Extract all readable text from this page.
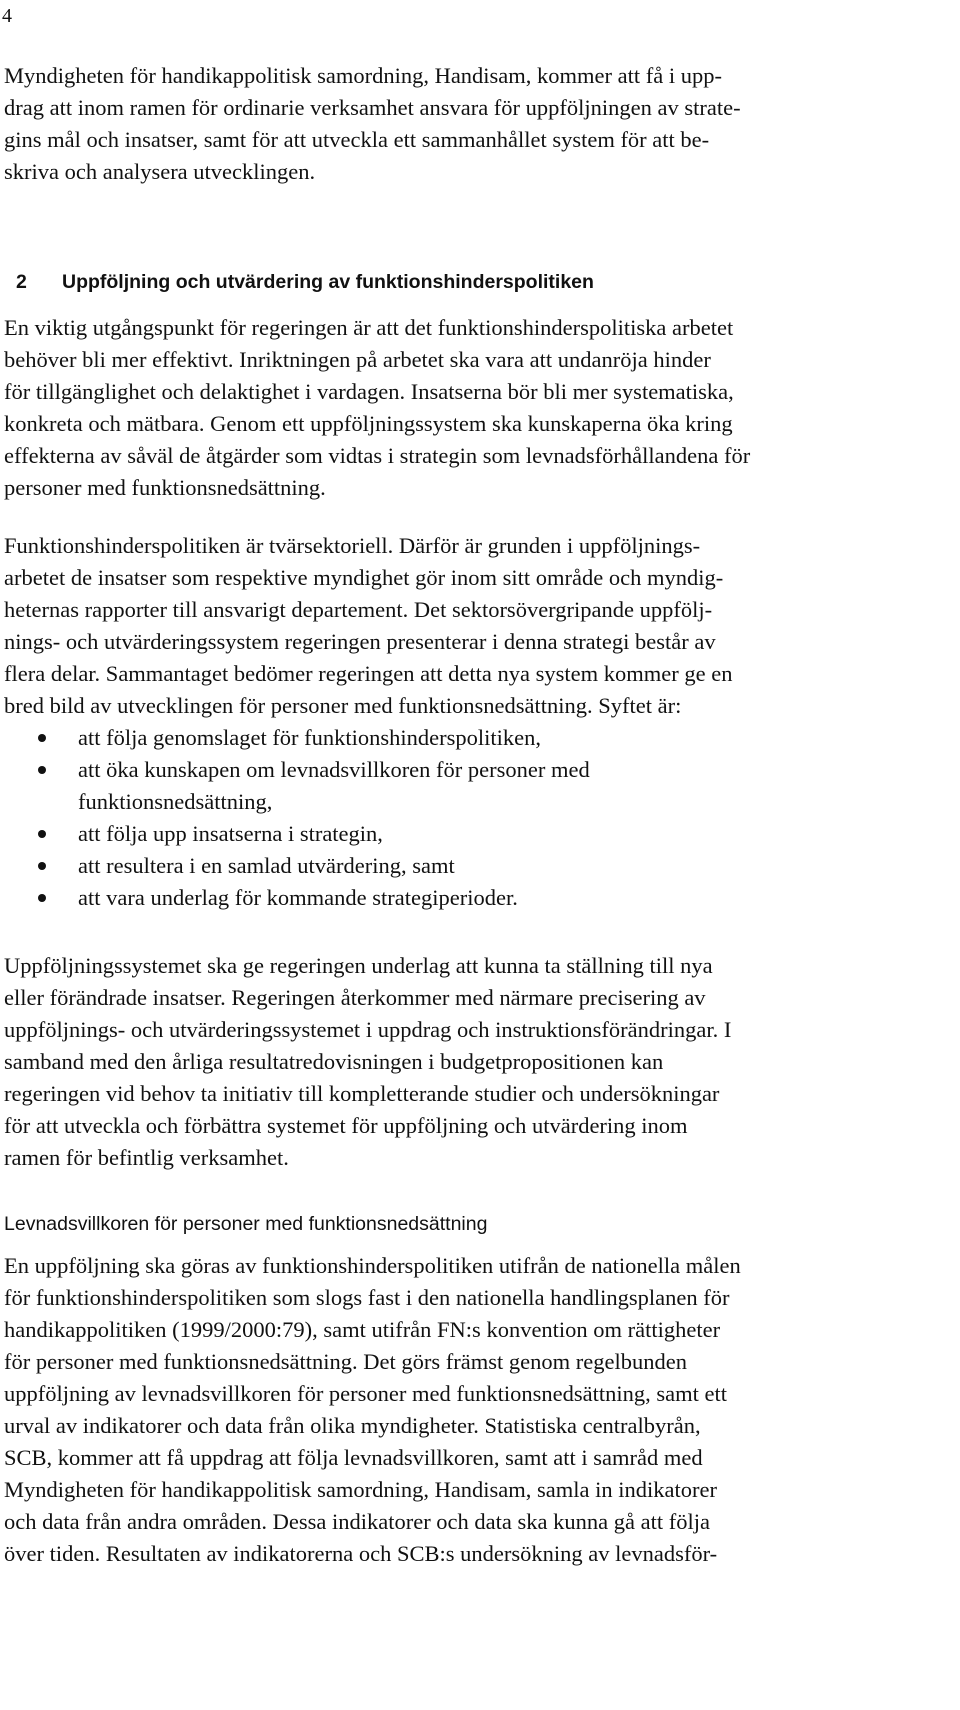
4
Myndigheten för handikappolitisk samordning, Handisam, kommer att få i upp-
drag att inom ramen för ordinarie verksamhet ansvara för uppföljningen av strate-
gins mål och insatser, samt för att utveckla ett sammanhållet system för att be-
skriva och analysera utvecklingen.
2 Uppföljning och utvärdering av funktionshinderspolitiken
En viktig utgångspunkt för regeringen är att det funktionshinderspolitiska arbetet
behöver bli mer effektivt. Inriktningen på arbetet ska vara att undanröja hinder
för tillgänglighet och delaktighet i vardagen. Insatserna bör bli mer systematiska,
konkreta och mätbara. Genom ett uppföljningssystem ska kunskaperna öka kring
effekterna av såväl de åtgärder som vidtas i strategin som levnadsförhållandena för
personer med funktionsnedsättning.
Funktionshinderspolitiken är tvärsektoriell. Därför är grunden i uppföljnings-
arbetet de insatser som respektive myndighet gör inom sitt område och myndig-
heternas rapporter till ansvarigt departement. Det sektorsövergripande uppfölj-
nings- och utvärderingssystem regeringen presenterar i denna strategi består av
flera delar. Sammantaget bedömer regeringen att detta nya system kommer ge en
bred bild av utvecklingen för personer med funktionsnedsättning. Syftet är:
att följa genomslaget för funktionshinderspolitiken,
att öka kunskapen om levnadsvillkoren för personer med
funktionsnedsättning,
att följa upp insatserna i strategin,
att resultera i en samlad utvärdering, samt
att vara underlag för kommande strategiperioder.
Uppföljningssystemet ska ge regeringen underlag att kunna ta ställning till nya
eller förändrade insatser. Regeringen återkommer med närmare precisering av
uppföljnings- och utvärderingssystemet i uppdrag och instruktionsförändringar. I
samband med den årliga resultatredovisningen i budgetpropositionen kan
regeringen vid behov ta initiativ till kompletterande studier och undersökningar
för att utveckla och förbättra systemet för uppföljning och utvärdering inom
ramen för befintlig verksamhet.
Levnadsvillkoren för personer med funktionsnedsättning
En uppföljning ska göras av funktionshinderspolitiken utifrån de nationella målen
för funktionshinderspolitiken som slogs fast i den nationella handlingsplanen för
handikappolitiken (1999/2000:79), samt utifrån FN:s konvention om rättigheter
för personer med funktionsnedsättning. Det görs främst genom regelbunden
uppföljning av levnadsvillkoren för personer med funktionsnedsättning, samt ett
urval av indikatorer och data från olika myndigheter. Statistiska centralbyrån,
SCB, kommer att få uppdrag att följa levnadsvillkoren, samt att i samråd med
Myndigheten för handikappolitisk samordning, Handisam, samla in indikatorer
och data från andra områden. Dessa indikatorer och data ska kunna gå att följa
över tiden. Resultaten av indikatorerna och SCB:s undersökning av levnadsför-
